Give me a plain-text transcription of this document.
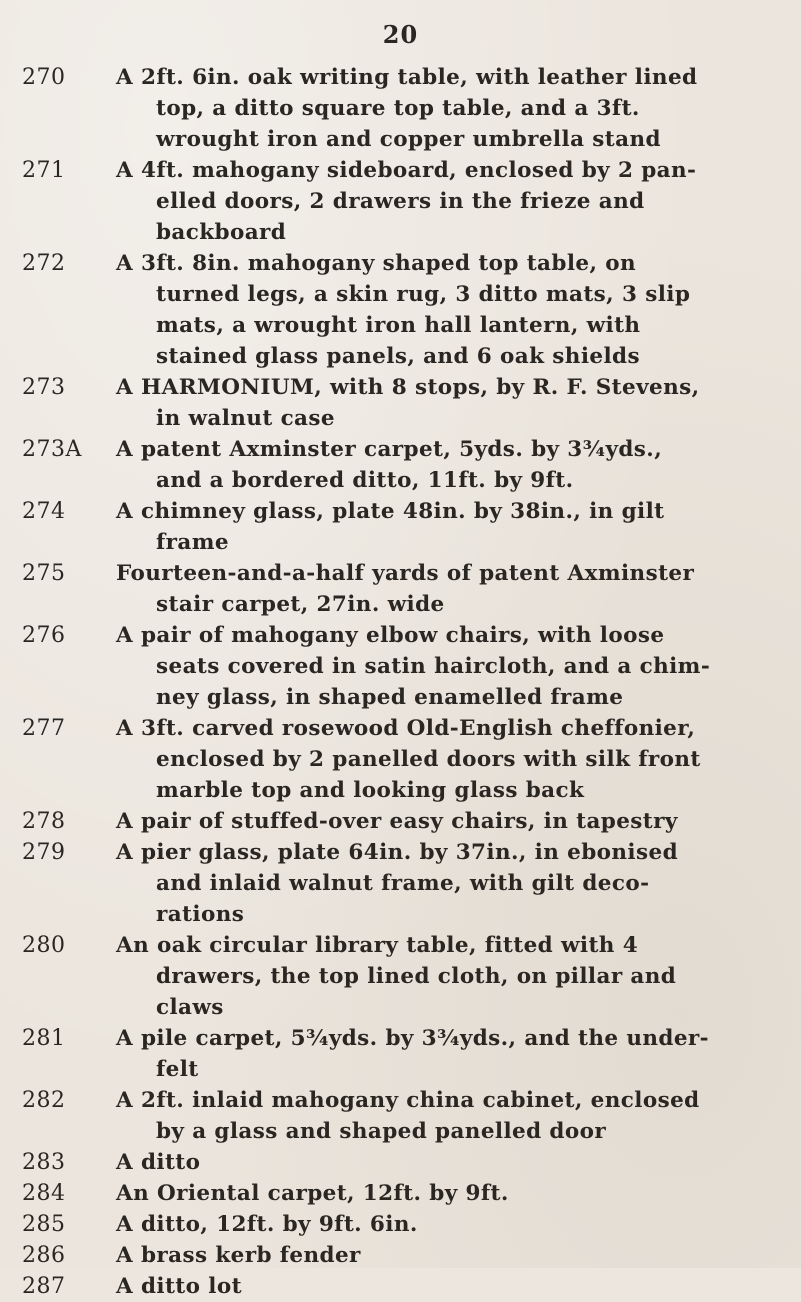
20
270	A 2ft. 6in. oak writing table, with leather lined
top, a ditto square top table, and a 3ft.
wrought iron and copper umbrella stand
271	A 4ft. mahogany sideboard, enclosed by 2 pan-
elled doors, 2 drawers in the frieze and
backboard
272	A 3ft. 8in. mahogany shaped top table, on
turned legs, a skin rug, 3 ditto mats, 3 slip
mats, a wrought iron hall lantern, with
stained glass panels, and 6 oak shields
273	A HARMONIUM, with 8 stops, by R. F. Stevens,
in walnut case
273A A patent Axminster carpet, 5yds. by 3¾yds.,
and a bordered ditto, 11ft. by 9ft.
274	A chimney glass, plate 48in. by 38in., in gilt
frame
275	Fourteen-and-a-half yards of patent Axminster
stair carpet, 27in. wide
276	A pair of mahogany elbow chairs, with loose
seats covered in satin haircloth, and a chim-
ney glass, in shaped enamelled frame
277	A 3ft. carved rosewood Old-English cheffonier,
enclosed by 2 panelled doors with silk front
marble top and looking glass back
278	A pair of stuffed-over easy chairs, in tapestry
279	A pier glass, plate 64in. by 37in., in ebonised
and inlaid walnut frame, with gilt deco-
rations
280	An oak circular library table, fitted with 4
drawers, the top lined cloth, on pillar and
claws
281	A pile carpet, 5¾yds. by 3¾yds., and the under-
felt
282	A 2ft. inlaid mahogany china cabinet, enclosed
by a glass and shaped panelled door
283	A ditto
284	An Oriental carpet, 12ft. by 9ft.
285	A ditto, 12ft. by 9ft. 6in.
286	A brass kerb fender
287	A ditto lot
